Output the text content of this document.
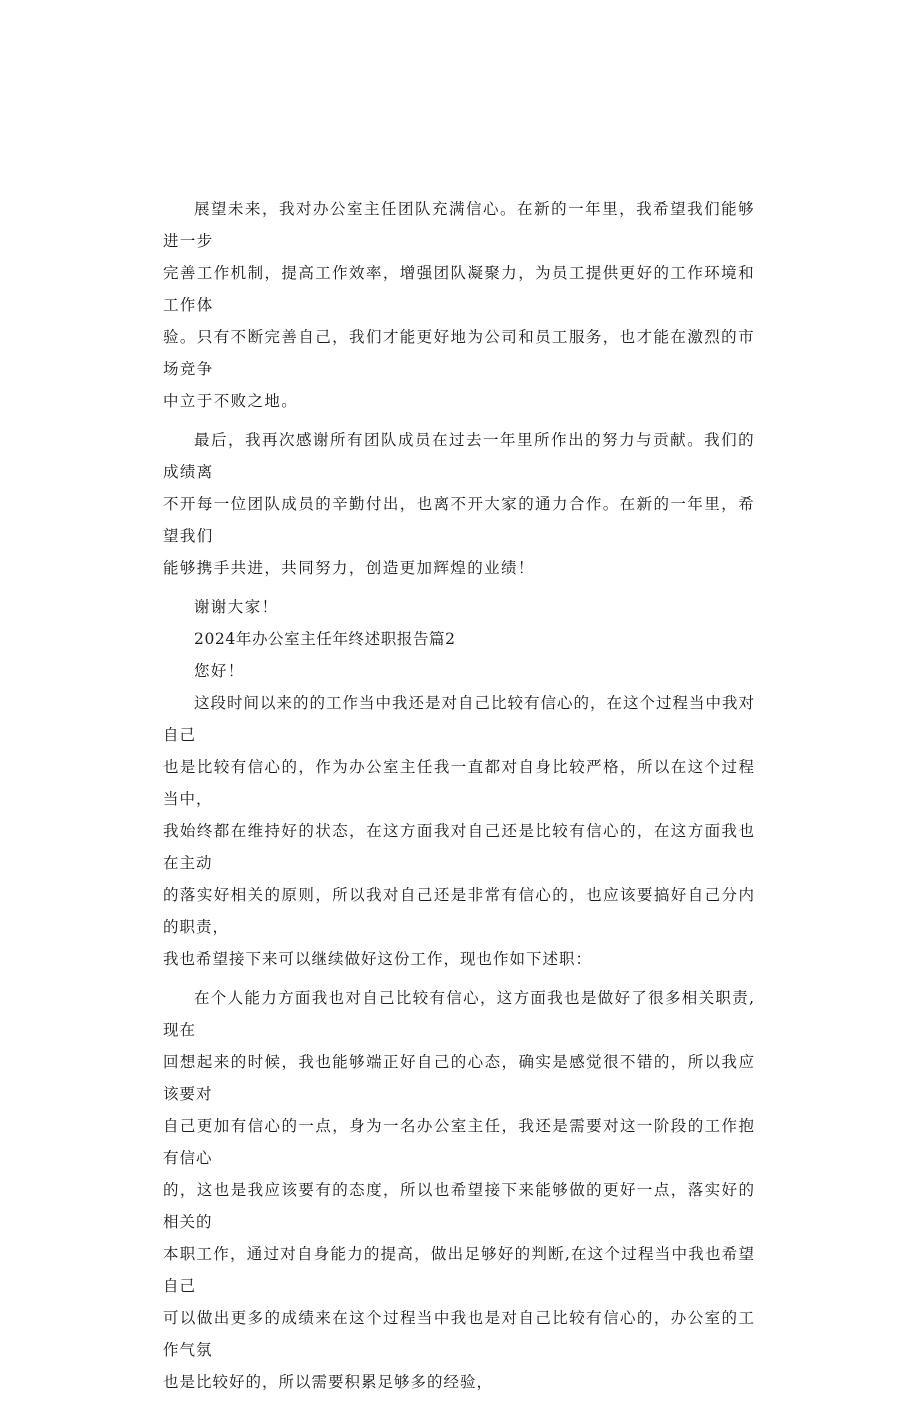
展望未来，我对办公室主任团队充满信心。在新的一年里，我希望我们能够进一步
完善工作机制，提高工作效率，增强团队凝聚力，为员工提供更好的工作环境和工作体
验。只有不断完善自己，我们才能更好地为公司和员工服务，也才能在激烈的市场竞争
中立于不败之地。

最后，我再次感谢所有团队成员在过去一年里所作出的努力与贡献。我们的成绩离
不开每一位团队成员的辛勤付出，也离不开大家的通力合作。在新的一年里，希望我们
能够携手共进，共同努力，创造更加辉煌的业绩！

谢谢大家！

2024年办公室主任年终述职报告篇2

您好！

这段时间以来的的工作当中我还是对自己比较有信心的，在这个过程当中我对自己
也是比较有信心的，作为办公室主任我一直都对自身比较严格，所以在这个过程当中，
我始终都在维持好的状态，在这方面我对自己还是比较有信心的，在这方面我也在主动
的落实好相关的原则，所以我对自己还是非常有信心的，也应该要搞好自己分内的职责，
我也希望接下来可以继续做好这份工作，现也作如下述职：

在个人能力方面我也对自己比较有信心，这方面我也是做好了很多相关职责,现在
回想起来的时候，我也能够端正好自己的心态，确实是感觉很不错的，所以我应该要对
自己更加有信心的一点，身为一名办公室主任，我还是需要对这一阶段的工作抱有信心
的，这也是我应该要有的态度，所以也希望接下来能够做的更好一点，落实好的相关的
本职工作，通过对自身能力的提高，做出足够好的判断,在这个过程当中我也希望自己
可以做出更多的成绩来在这个过程当中我也是对自己比较有信心的，办公室的工作气氛
也是比较好的，所以需要积累足够多的经验，
